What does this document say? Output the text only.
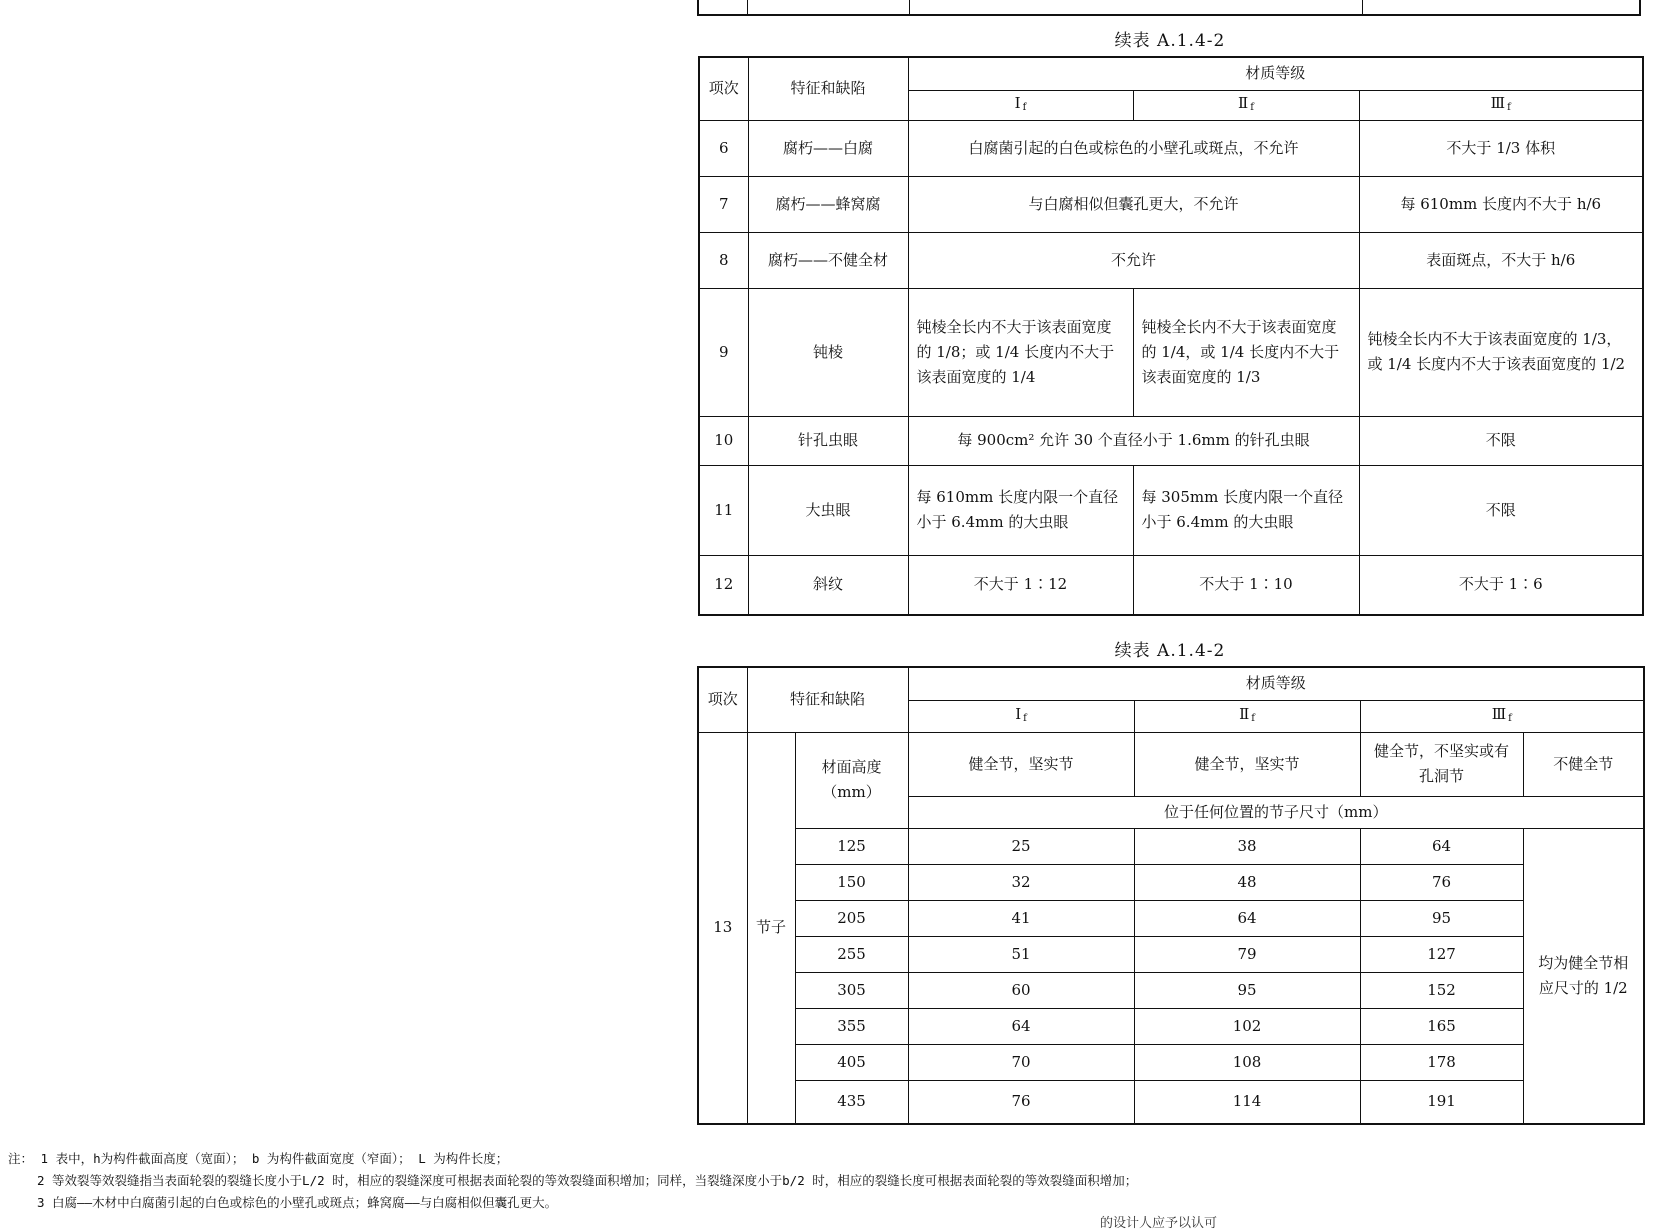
续表 A.1.4-2
项次	特征和缺陷	材质等级		
		Ⅰ $_f$	Ⅱ $_f$	Ⅲ $_f$
6	腐朽——白腐	白腐菌引起的白色或棕色的小壁孔或斑点，不允许		不大于 1/3 体积
7	腐朽——蜂窝腐	与白腐相似但囊孔更大，不允许		每 610mm 长度内不大于 h/6
8	腐朽——不健全材	不允许		表面斑点，不大于 h/6
9	钝棱	钝棱全长内不大于该表面宽度的 1/8；或 1/4 长度内不大于该表面宽度的 1/4	钝棱全长内不大于该表面宽度的 1/4，或 1/4 长度内不大于该表面宽度的 1/3	钝棱全长内不大于该表面宽度的 1/3，或 1/4 长度内不大于该表面宽度的 1/2
10	针孔虫眼	每 900cm² 允许 30 个直径小于 1.6mm 的针孔虫眼		不限
11	大虫眼	每 610mm 长度内限一个直径小于 6.4mm 的大虫眼	每 305mm 长度内限一个直径小于 6.4mm 的大虫眼	不限
12	斜纹	不大于 1∶12	不大于 1∶10	不大于 1∶6
续表 A.1.4-2
项次	特征和缺陷		材质等级			
			Ⅰ $_f$	Ⅱ $_f$	Ⅲ $_f$
13	节子	材面高度（mm）	健全节，坚实节	健全节，坚实节	健全节，不坚实或有孔洞节	不健全节
			位于任何位置的节子尺寸（mm）			
		125	25	38	64	均为健全节相应尺寸的 1/2
		150	32	48	76	
		205	41	64	95	
		255	51	79	127	
		305	60	95	152	
		355	64	102	165	
		405	70	108	178	
		435	76	114	191	
注： 1 表中，h为构件截面高度（宽面）； b 为构件截面宽度（窄面）； L 为构件长度；
2 等效裂等效裂缝指当表面轮裂的裂缝长度小于L/2 时，相应的裂缝深度可根据表面轮裂的等效裂缝面积增加；同样，当裂缝深度小于b/2 时，相应的裂缝长度可根据表面轮裂的等效裂缝面积增加；
3 白腐——木材中白腐菌引起的白色或棕色的小壁孔或斑点；蜂窝腐——与白腐相似但囊孔更大。
的设计人应予以认可
